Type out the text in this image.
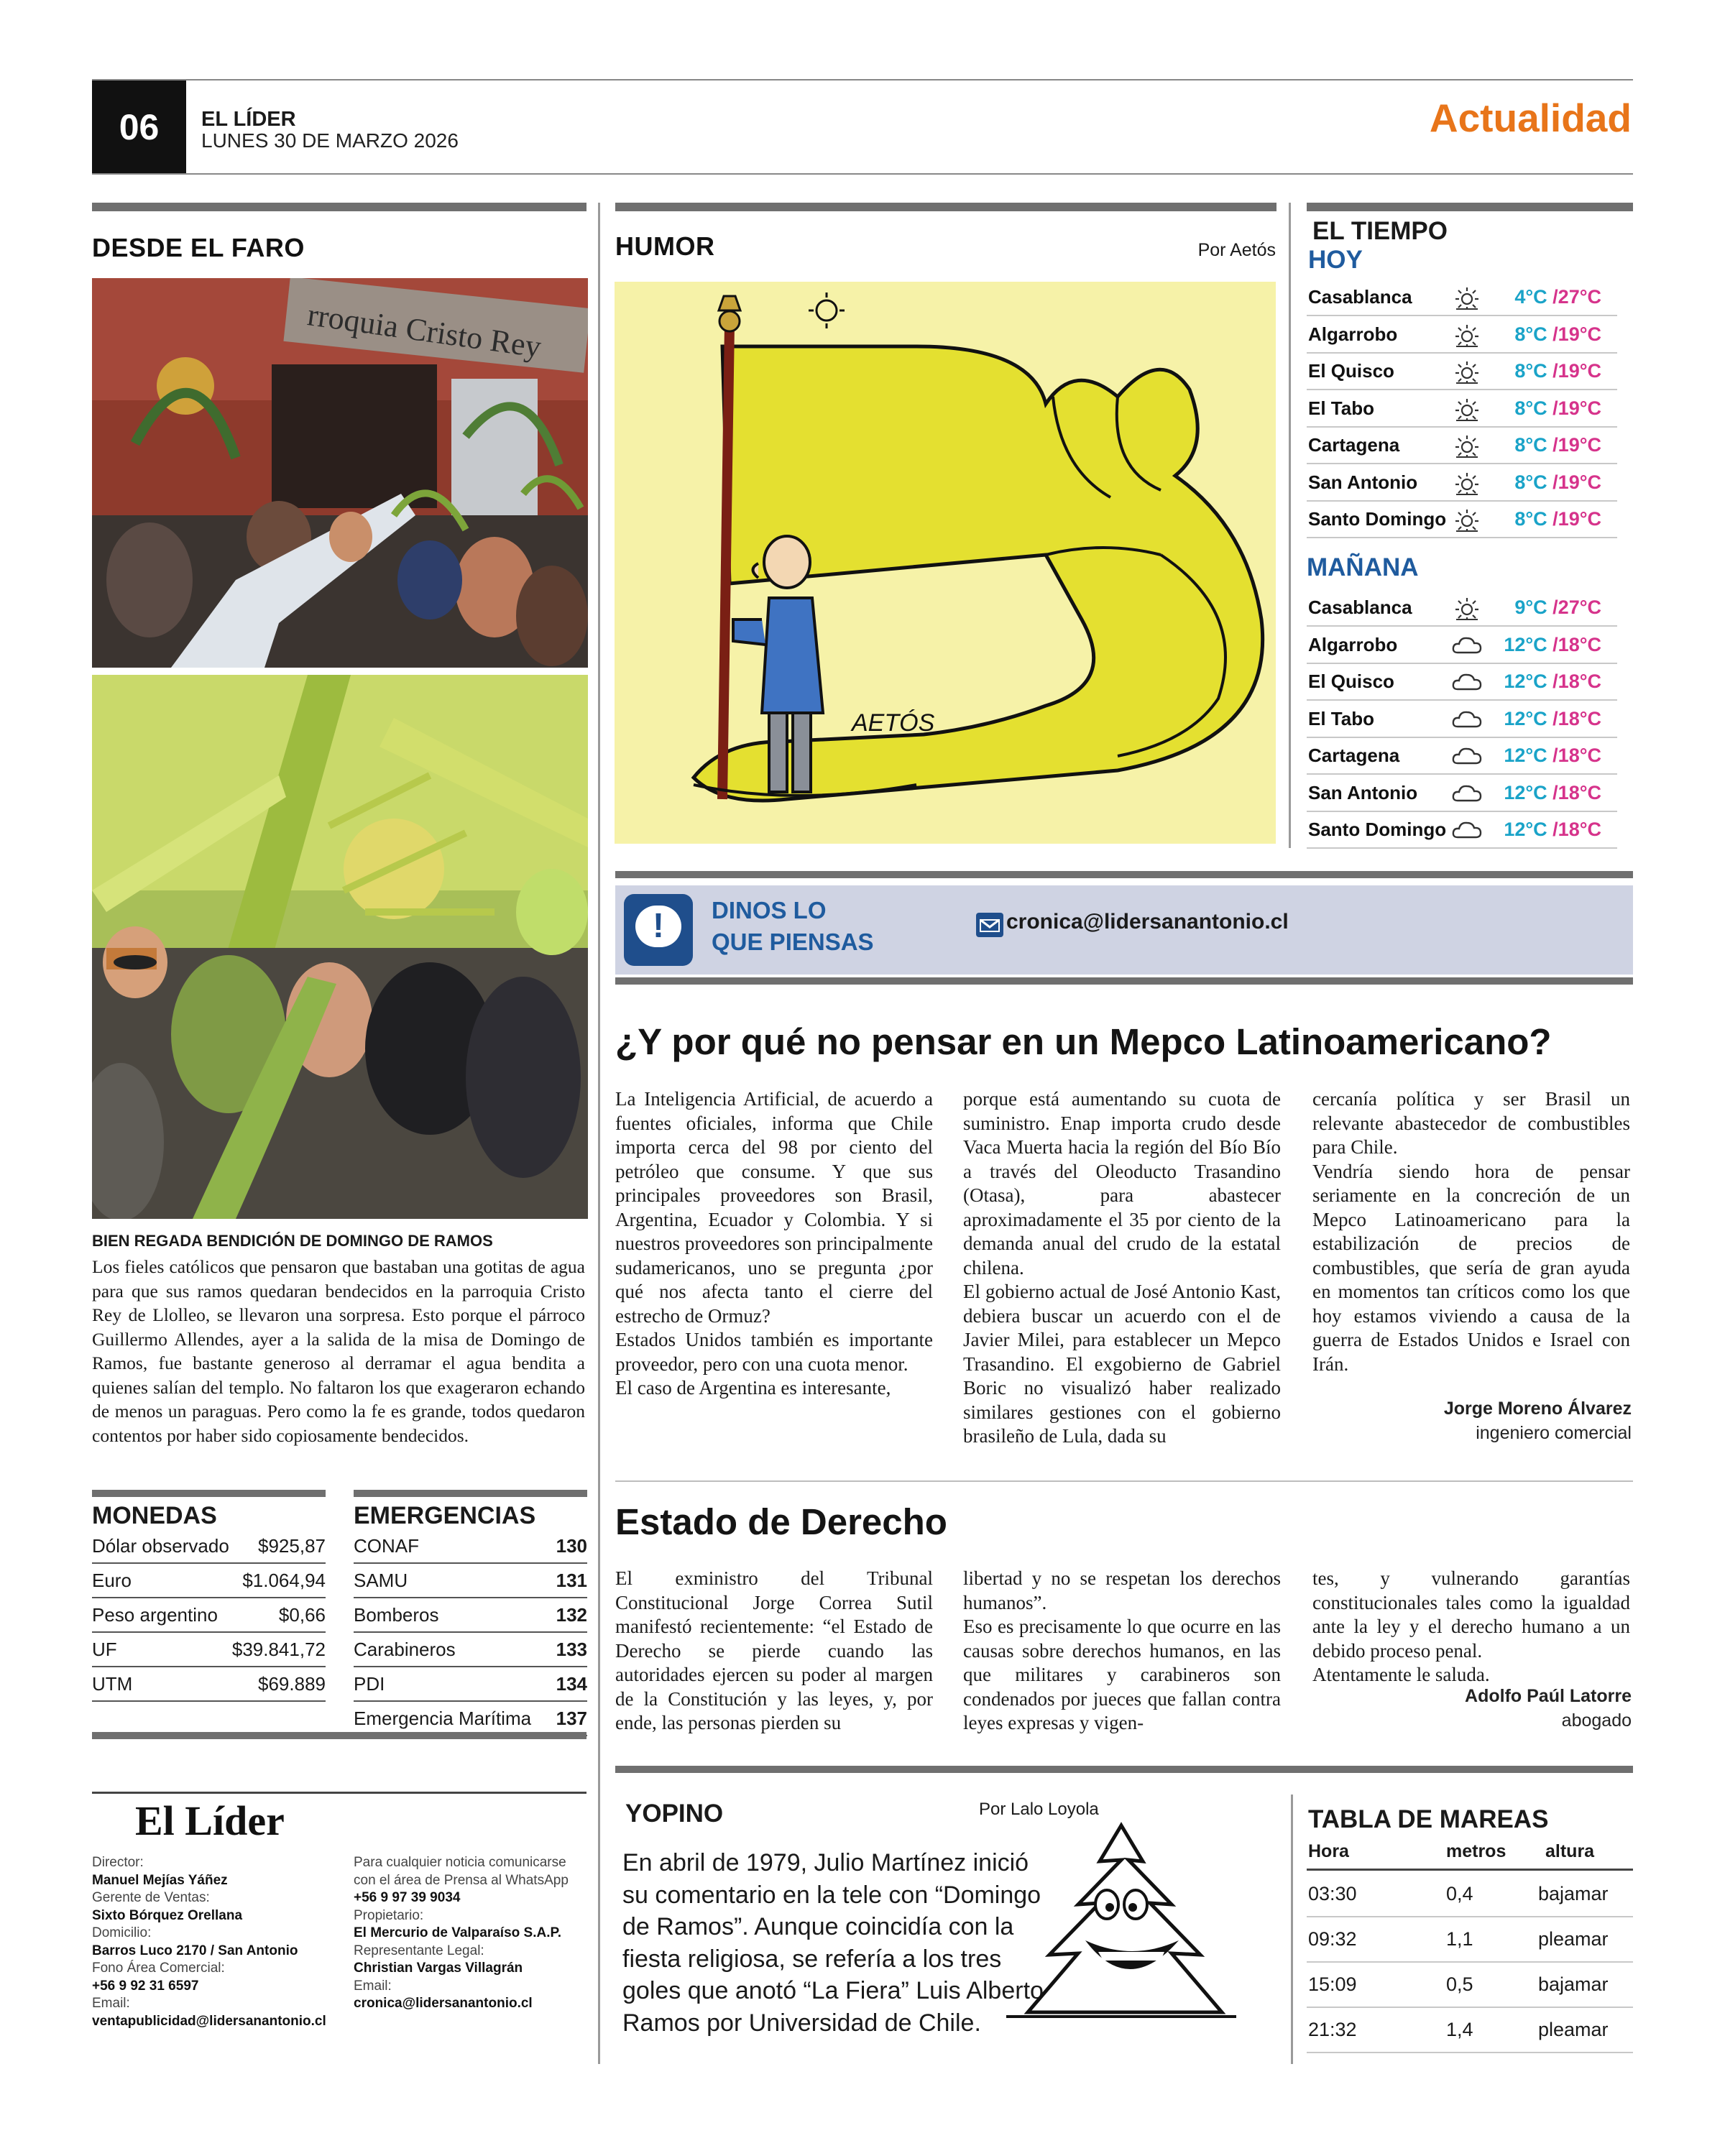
06	EL LÍDER
LUNES 30 DE MARZO 2026
Actualidad
DESDE EL FARO
rroquia Cristo Rey
BIEN REGADA BENDICIÓN DE DOMINGO DE RAMOS
Los fieles católicos que pensaron que bastaban una gotitas de agua para que sus ramos quedaran bendecidos en la parroquia Cristo Rey de Llolleo, se llevaron una sorpresa. Esto porque el párroco Guillermo Allendes, ayer a la salida de la misa de Domingo de Ramos, fue bastante generoso al derramar el agua bendita a quienes salían del templo. No faltaron los que exageraron echando de menos un paraguas. Pero como la fe es grande, todos quedaron contentos por haber sido copiosamente bendecidos.
MONEDAS
Dólar observado	$925,87
Euro	$1.064,94
Peso argentino	$0,66
UF	$39.841,72
UTM	$69.889
EMERGENCIAS
CONAF	130
SAMU	131
Bomberos	132
Carabineros	133
PDI	134
Emergencia Marítima	137
El Líder
Director:
Manuel Mejías Yáñez
Gerente de Ventas:
Sixto Bórquez Orellana
Domicilio:
Barros Luco 2170 / San Antonio
Fono Área Comercial:
+56 9 92 31 6597
Email:
ventapublicidad@lidersanantonio.cl
Para cualquier noticia comunicarse con el área de Prensa al WhatsApp
+56 9 97 39 9034
Propietario:
El Mercurio de Valparaíso S.A.P.
Representante Legal:
Christian Vargas Villagrán
Email:
cronica@lidersanantonio.cl
HUMOR	Por Aetós
AETÓS
!	DINOS LO
QUE PIENSAS
cronica@lidersanantonio.cl
¿Y por qué no pensar en un Mepco Latinoamericano?

La Inteligencia Artificial, de acuerdo a fuentes oficiales, informa que Chile importa cerca del 98 por ciento del petróleo que consume. Y que sus principales proveedores son Brasil, Argentina, Ecuador y Colombia. Y si nuestros proveedores son principalmente sudamericanos, uno se pregunta ¿por qué nos afecta tanto el cierre del estrecho de Ormuz?

Estados Unidos también es importante proveedor, pero con una cuota menor.

El caso de Argentina es interesante,

porque está aumentando su cuota de suministro. Enap importa crudo desde Vaca Muerta hacia la región del Bío Bío a través del Oleoducto Trasandino (Otasa), para abastecer aproximadamente el 35 por ciento de la demanda anual del crudo de la estatal chilena.

El gobierno actual de José Antonio Kast, debiera buscar un acuerdo con el de Javier Milei, para establecer un Mepco Trasandino. El exgobierno de Gabriel Boric no visualizó haber realizado similares gestiones con el gobierno brasileño de Lula, dada su

cercanía política y ser Brasil un relevante abastecedor de combustibles para Chile.

Vendría siendo hora de pensar seriamente en la concreción de un Mepco Latinoamericano para la estabilización de precios de combustibles, que sería de gran ayuda en momentos tan críticos como los que hoy estamos viviendo a causa de la guerra de Estados Unidos e Israel con Irán.

Jorge Moreno Álvarez
ingeniero comercial
Estado de Derecho

El exministro del Tribunal Constitucional Jorge Correa Sutil manifestó recientemente: “el Estado de Derecho se pierde cuando las autoridades ejercen su poder al margen de la Constitución y las leyes, y, por ende, las personas pierden su

libertad y no se respetan los derechos humanos”.

Eso es precisamente lo que ocurre en las causas sobre derechos humanos, en las que militares y carabineros son condenados por jueces que fallan contra leyes expresas y vigen-

tes, y vulnerando garantías constitucionales tales como la igualdad ante la ley y el derecho humano a un debido proceso penal.

Atentamente le saluda.

Adolfo Paúl Latorre
abogado
EL TIEMPO
HOY
MAÑANA
Casablanca	4°C /27°C
Algarrobo	8°C /19°C
El Quisco	8°C /19°C
El Tabo	8°C /19°C
Cartagena	8°C /19°C
San Antonio	8°C /19°C
Santo Domingo	8°C /19°C
Casablanca	9°C /27°C
Algarrobo	12°C /18°C
El Quisco	12°C /18°C
El Tabo	12°C /18°C
Cartagena	12°C /18°C
San Antonio	12°C /18°C
Santo Domingo	12°C /18°C
YOPINO	Por Lalo Loyola
En abril de 1979, Julio Martínez inició su comentario en la tele con “Domingo de Ramos”. Aunque coincidía con la fiesta religiosa, se refería a los tres goles que anotó “La Fiera” Luis Alberto Ramos por Universidad de Chile.
TABLA DE MAREAS
Hora	metros altura
03:30	0,4	bajamar
09:32	1,1	pleamar
15:09	0,5	bajamar
21:32	1,4	pleamar
